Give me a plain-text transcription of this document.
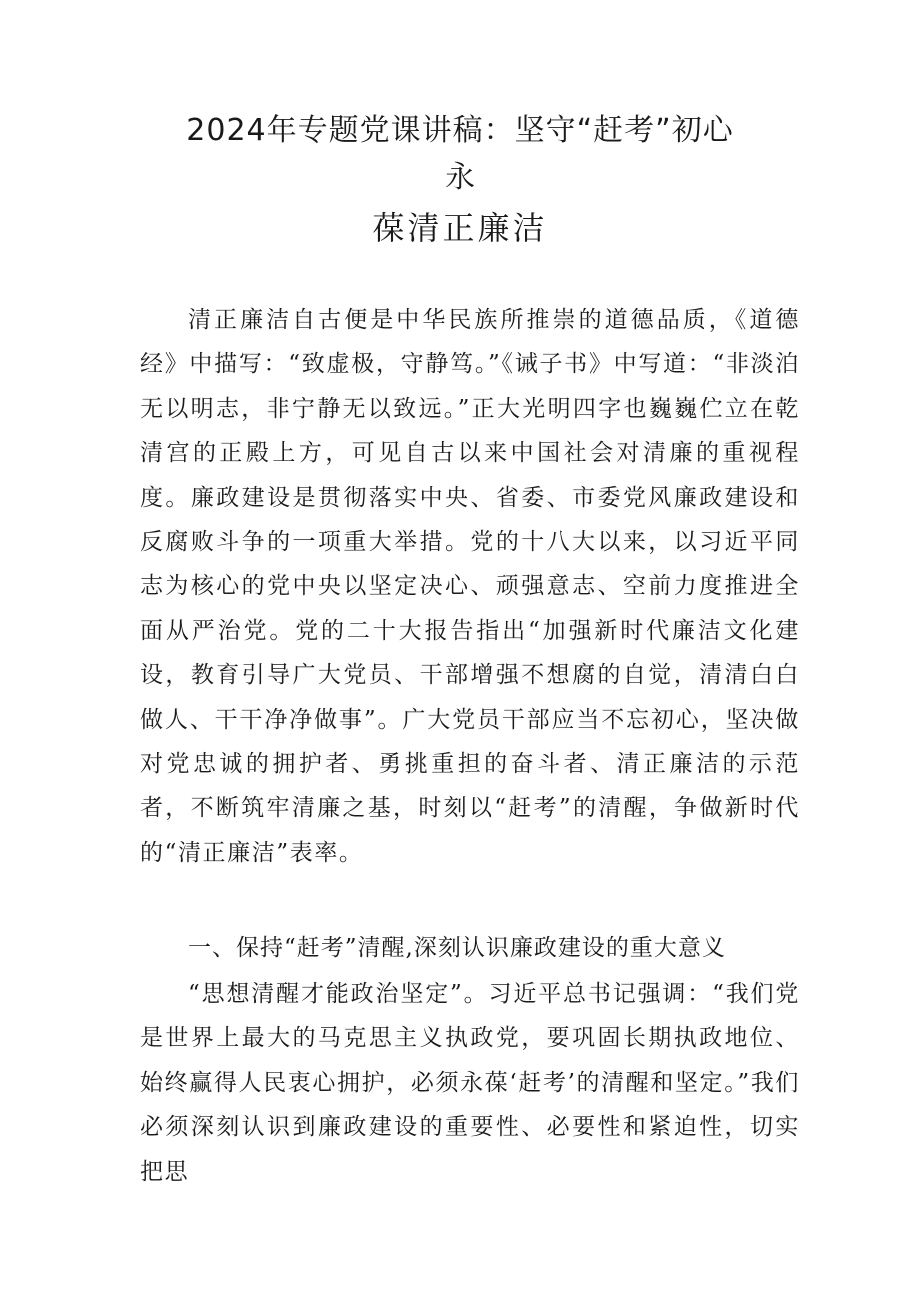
2024年专题党课讲稿：坚守“赶考”初心
永
葆清正廉洁

清正廉洁自古便是中华民族所推崇的道德品质，《道德经》中描写：“致虚极，守静笃。”《诫子书》中写道：“非淡泊无以明志，非宁静无以致远。”正大光明四字也巍巍伫立在乾清宫的正殿上方，可见自古以来中国社会对清廉的重视程度。廉政建设是贯彻落实中央、省委、市委党风廉政建设和反腐败斗争的一项重大举措。党的十八大以来，以习近平同志为核心的党中央以坚定决心、顽强意志、空前力度推进全面从严治党。党的二十大报告指出“加强新时代廉洁文化建设，教育引导广大党员、干部增强不想腐的自觉，清清白白做人、干干净净做事”。广大党员干部应当不忘初心，坚决做对党忠诚的拥护者、勇挑重担的奋斗者、清正廉洁的示范者，不断筑牢清廉之基，时刻以“赶考”的清醒，争做新时代的“清正廉洁”表率。

一、保持“赶考”清醒,深刻认识廉政建设的重大意义

“思想清醒才能政治坚定”。习近平总书记强调：“我们党是世界上最大的马克思主义执政党，要巩固长期执政地位、始终赢得人民衷心拥护，必须永葆‘赶考’的清醒和坚定。”我们必须深刻认识到廉政建设的重要性、必要性和紧迫性，切实把思
